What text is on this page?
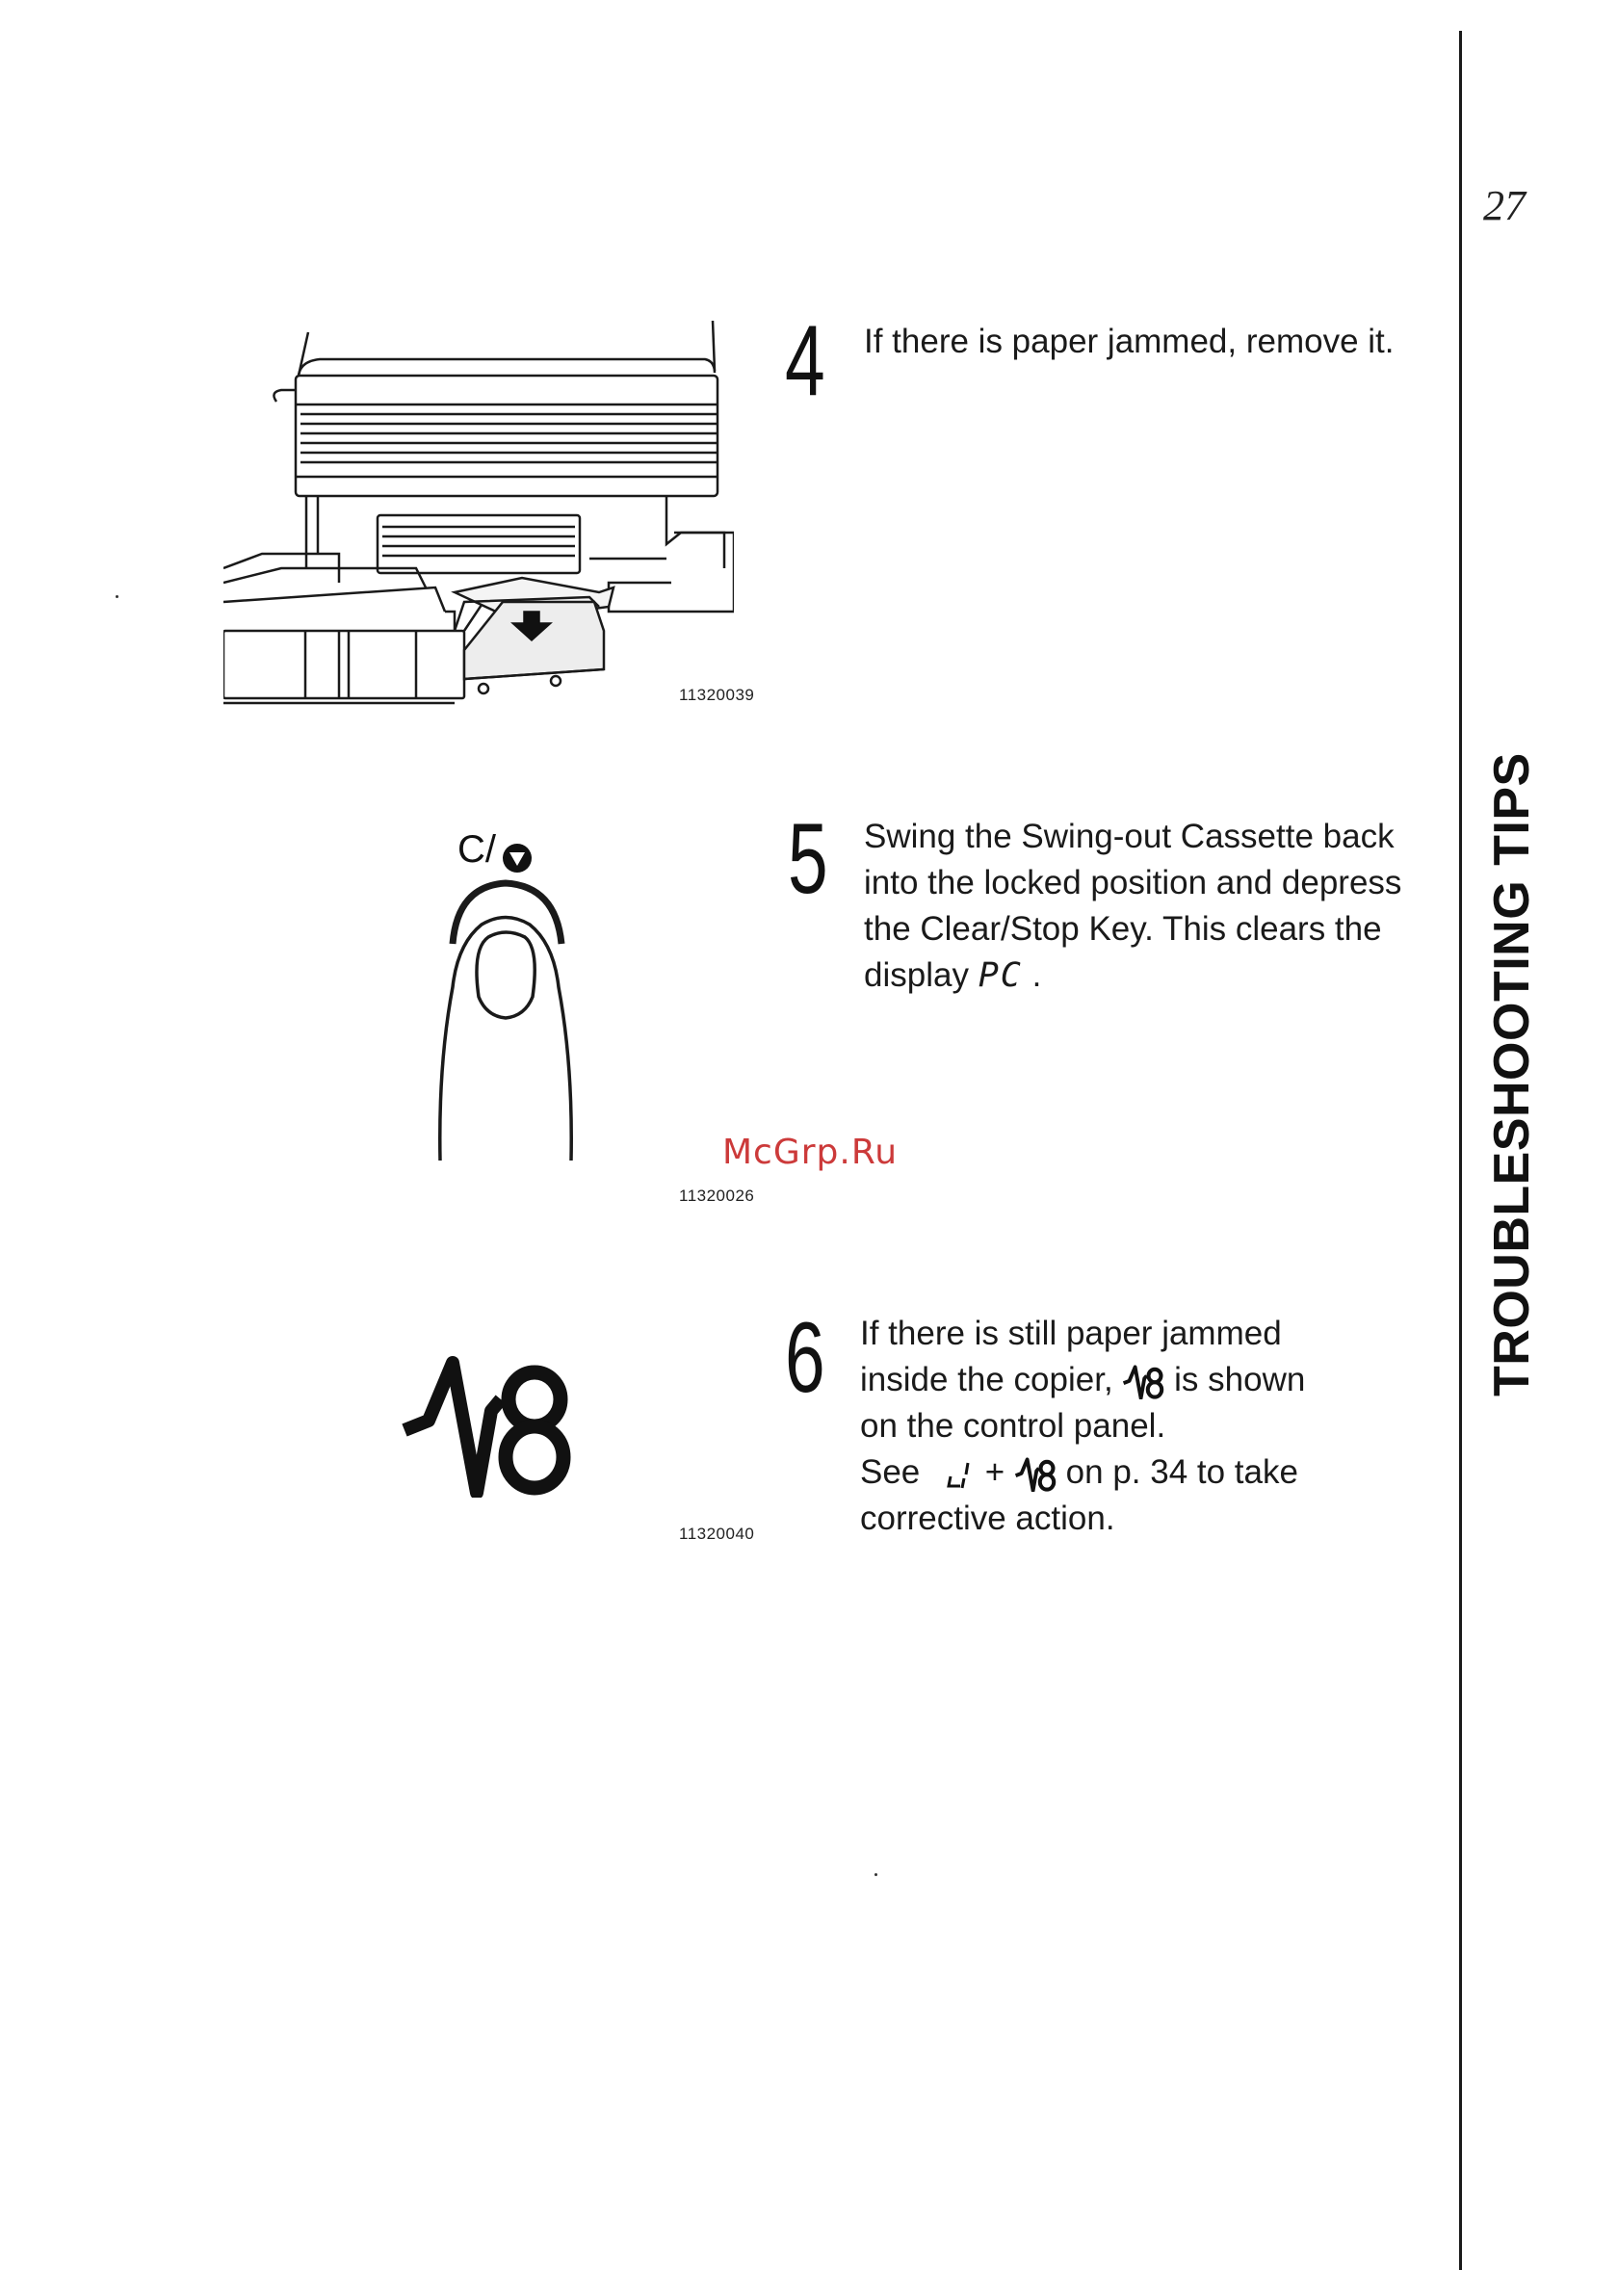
27
TROUBLESHOOTING TIPS
11320039
4 If there is paper jammed, remove it.

C/
11320026
5 Swing the Swing-out Cassette back into the locked position and depress the Clear/Stop Key. This clears the display PC .

McGrp.Ru
11320040
6 If there is still paper jammed

inside the copier, is shown

on the control panel.

See + on p. 34 to take

corrective action.
